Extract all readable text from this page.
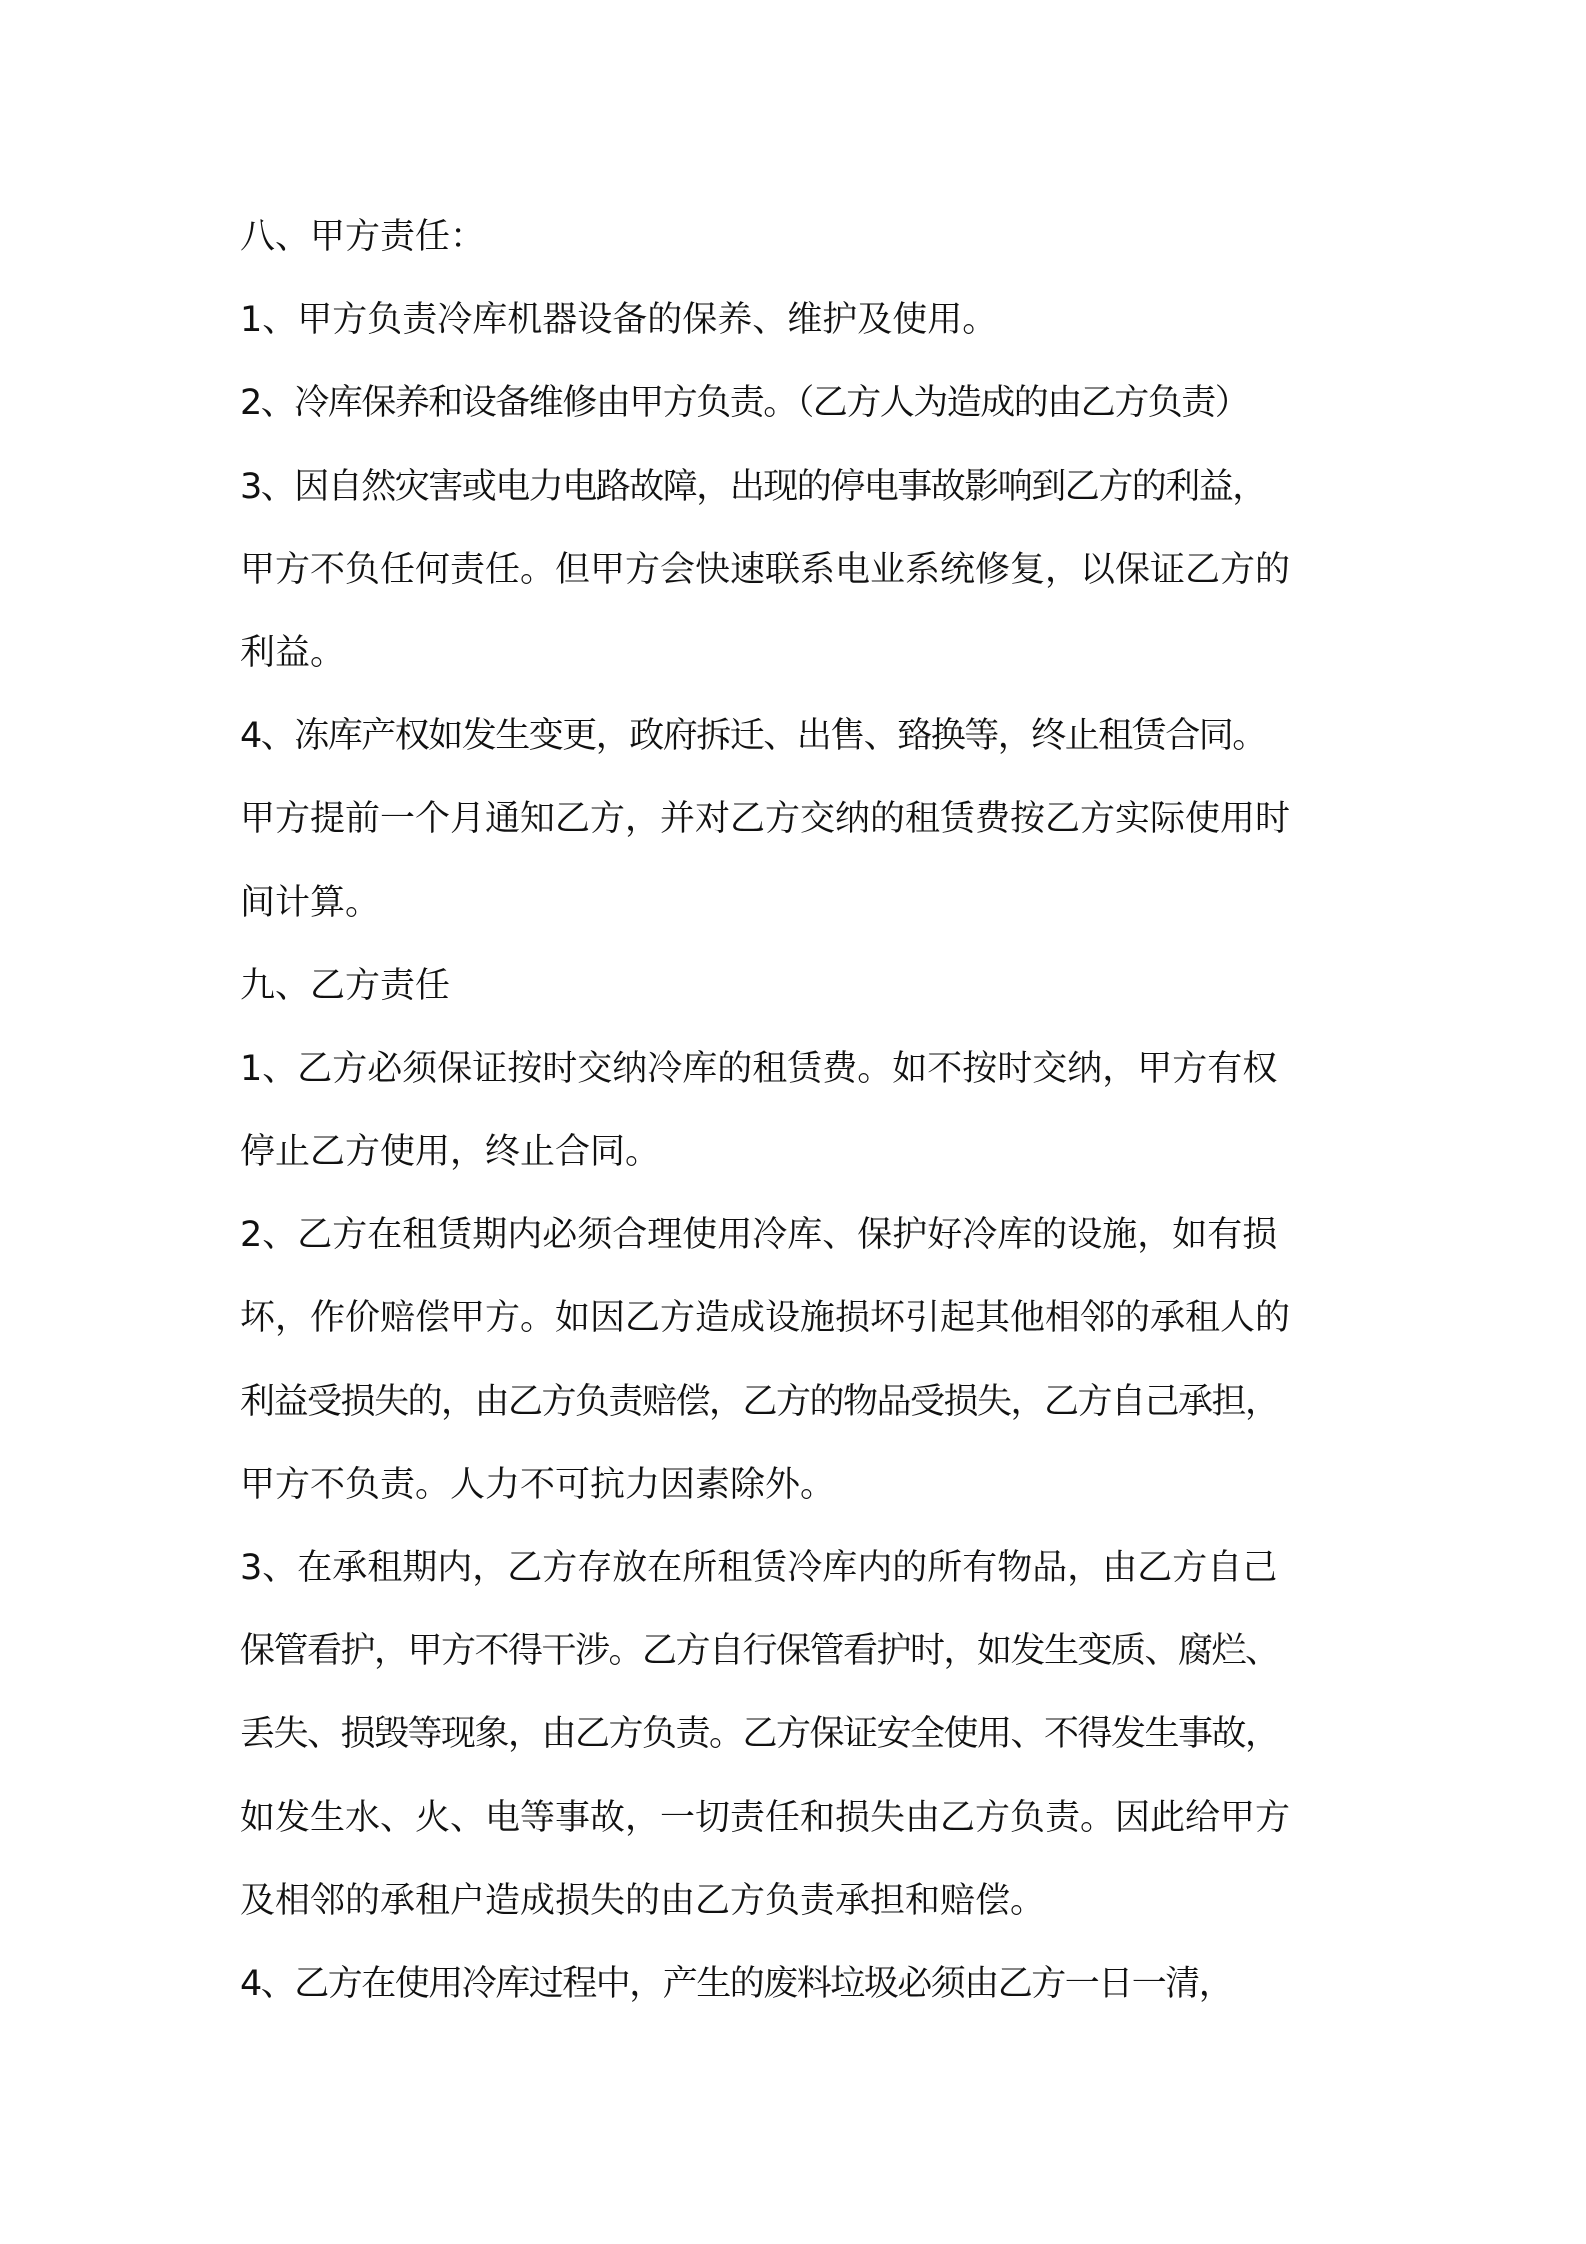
八、甲方责任：
1、甲方负责冷库机器设备的保养、维护及使用。
2、冷库保养和设备维修由甲方负责。（乙方人为造成的由乙方负责）
3、因自然灾害或电力电路故障，出现的停电事故影响到乙方的利益，
甲方不负任何责任。但甲方会快速联系电业系统修复，以保证乙方的
利益。
4、冻库产权如发生变更，政府拆迁、出售、臵换等，终止租赁合同。
甲方提前一个月通知乙方，并对乙方交纳的租赁费按乙方实际使用时
间计算。
九、乙方责任
1、乙方必须保证按时交纳冷库的租赁费。如不按时交纳，甲方有权
停止乙方使用，终止合同。
2、乙方在租赁期内必须合理使用冷库、保护好冷库的设施，如有损
坏，作价赔偿甲方。如因乙方造成设施损坏引起其他相邻的承租人的
利益受损失的，由乙方负责赔偿，乙方的物品受损失，乙方自己承担，
甲方不负责。人力不可抗力因素除外。
3、在承租期内，乙方存放在所租赁冷库内的所有物品，由乙方自己
保管看护，甲方不得干涉。乙方自行保管看护时，如发生变质、腐烂、
丢失、损毁等现象，由乙方负责。乙方保证安全使用、不得发生事故，
如发生水、火、电等事故，一切责任和损失由乙方负责。因此给甲方
及相邻的承租户造成损失的由乙方负责承担和赔偿。
4、乙方在使用冷库过程中，产生的废料垃圾必须由乙方一日一清，
